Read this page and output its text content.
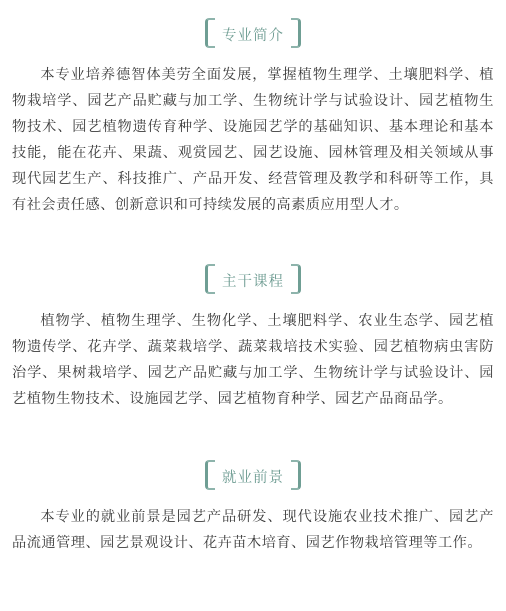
专业简介

本专业培养德智体美劳全面发展，掌握植物生理学、土壤肥料学、植物栽培学、园艺产品贮藏与加工学、生物统计学与试验设计、园艺植物生物技术、园艺植物遗传育种学、设施园艺学的基础知识、基本理论和基本技能，能在花卉、果蔬、观赏园艺、园艺设施、园林管理及相关领域从事现代园艺生产、科技推广、产品开发、经营管理及教学和科研等工作，具有社会责任感、创新意识和可持续发展的高素质应用型人才。

主干课程

植物学、植物生理学、生物化学、土壤肥料学、农业生态学、园艺植物遗传学、花卉学、蔬菜栽培学、蔬菜栽培技术实验、园艺植物病虫害防治学、果树栽培学、园艺产品贮藏与加工学、生物统计学与试验设计、园艺植物生物技术、设施园艺学、园艺植物育种学、园艺产品商品学。

就业前景

本专业的就业前景是园艺产品研发、现代设施农业技术推广、园艺产品流通管理、园艺景观设计、花卉苗木培育、园艺作物栽培管理等工作。
